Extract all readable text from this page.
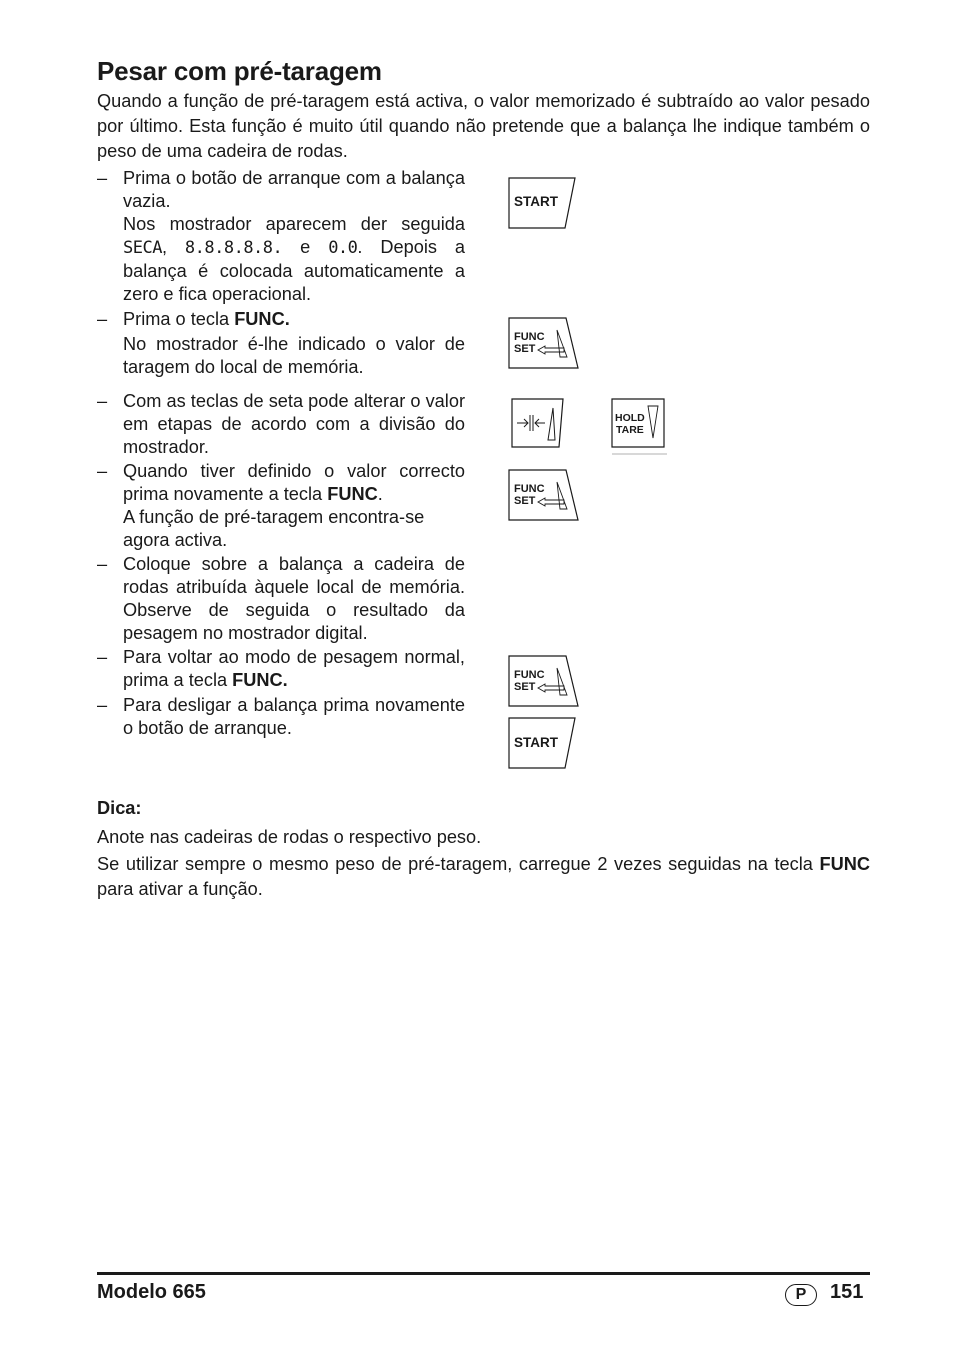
Pesar com pré-taragem

Quando a função de pré-taragem está activa, o valor memorizado é subtraído ao valor pesado por último. Esta função é muito útil quando não pretende que a balança lhe indique também o peso de uma cadeira de rodas.

– Prima o botão de arranque com a balança vazia.

Nos mostrador aparecem der seguida SECA, 8.8.8.8.8. e 0.0. Depois a balança é colocada automaticamente a zero e fica operacional.

– Prima o tecla FUNC.

No mostrador é-lhe indicado o valor de taragem do local de memória.

– Com as teclas de seta pode alterar o valor em etapas de acordo com a divisão do mostrador.

– Quando tiver definido o valor correcto prima novamente a tecla FUNC.

A função de pré-taragem encontra-se agora activa.

– Coloque sobre a balança a cadeira de rodas atribuída àquele local de memória. Observe de seguida o resultado da pesagem no mostrador digital.

– Para voltar ao modo de pesagem normal, prima a tecla FUNC.

– Para desligar a balança prima novamente o botão de arranque.

START
FUNC
SET
HOLD
TARE
FUNC
SET
FUNC
SET
START

Dica:

Anote nas cadeiras de rodas o respectivo peso.

Se utilizar sempre o mesmo peso de pré-taragem, carregue 2 vezes seguidas na tecla FUNC para ativar a função.

Modelo 665	P	151
